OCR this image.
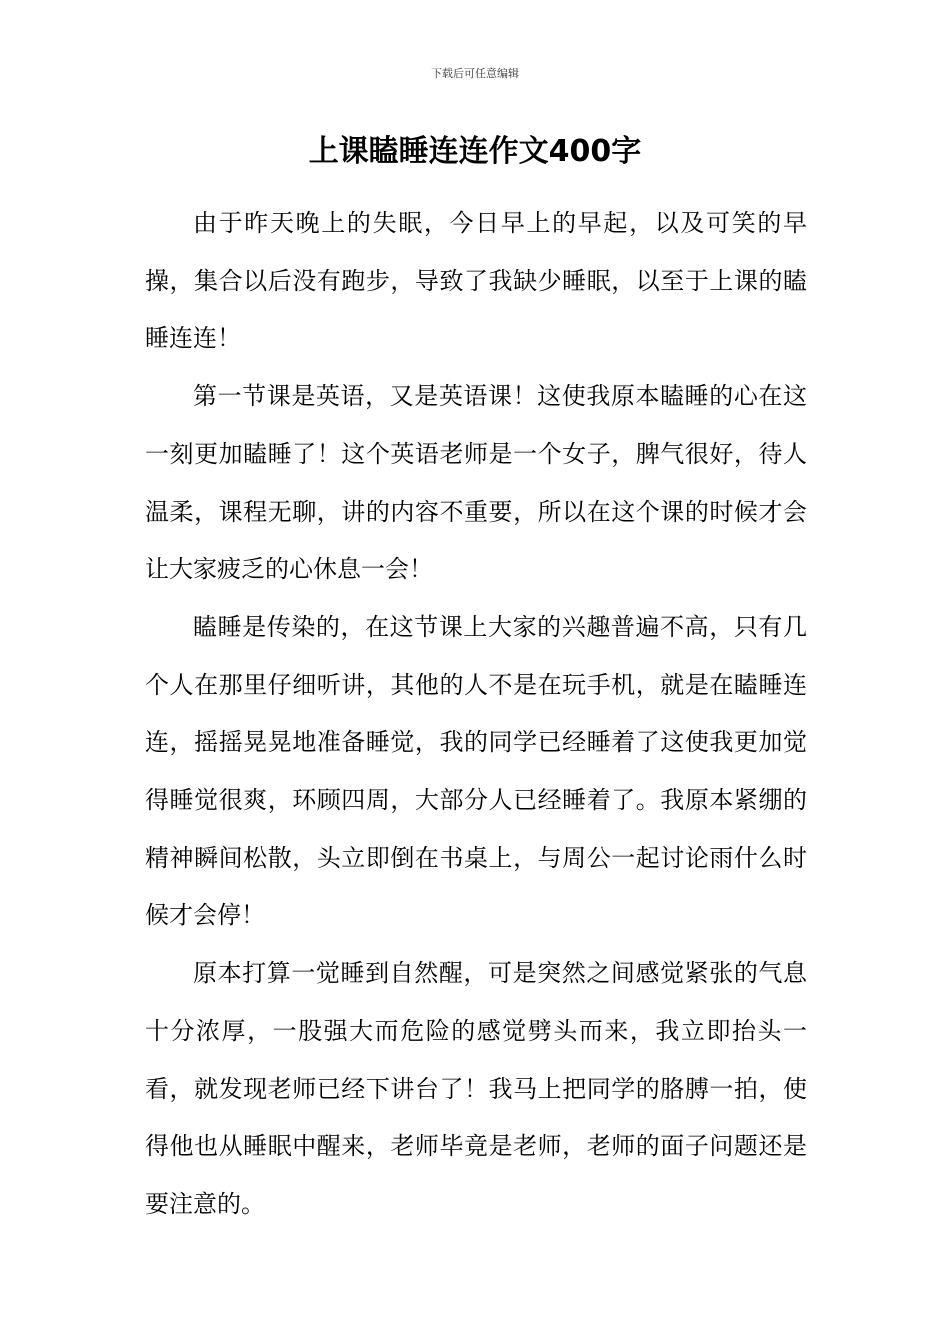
下载后可任意编辑
上课瞌睡连连作文400字

由于昨天晚上的失眠，今日早上的早起，以及可笑的早操，集合以后没有跑步，导致了我缺少睡眠，以至于上课的瞌睡连连！

第一节课是英语，又是英语课！这使我原本瞌睡的心在这一刻更加瞌睡了！这个英语老师是一个女子，脾气很好，待人温柔，课程无聊，讲的内容不重要，所以在这个课的时候才会让大家疲乏的心休息一会！

瞌睡是传染的，在这节课上大家的兴趣普遍不高，只有几个人在那里仔细听讲，其他的人不是在玩手机，就是在瞌睡连连，摇摇晃晃地准备睡觉，我的同学已经睡着了这使我更加觉得睡觉很爽，环顾四周，大部分人已经睡着了。我原本紧绷的精神瞬间松散，头立即倒在书桌上，与周公一起讨论雨什么时候才会停！

原本打算一觉睡到自然醒，可是突然之间感觉紧张的气息十分浓厚，一股强大而危险的感觉劈头而来，我立即抬头一看，就发现老师已经下讲台了！我马上把同学的胳膊一拍，使得他也从睡眠中醒来，老师毕竟是老师，老师的面子问题还是要注意的。
